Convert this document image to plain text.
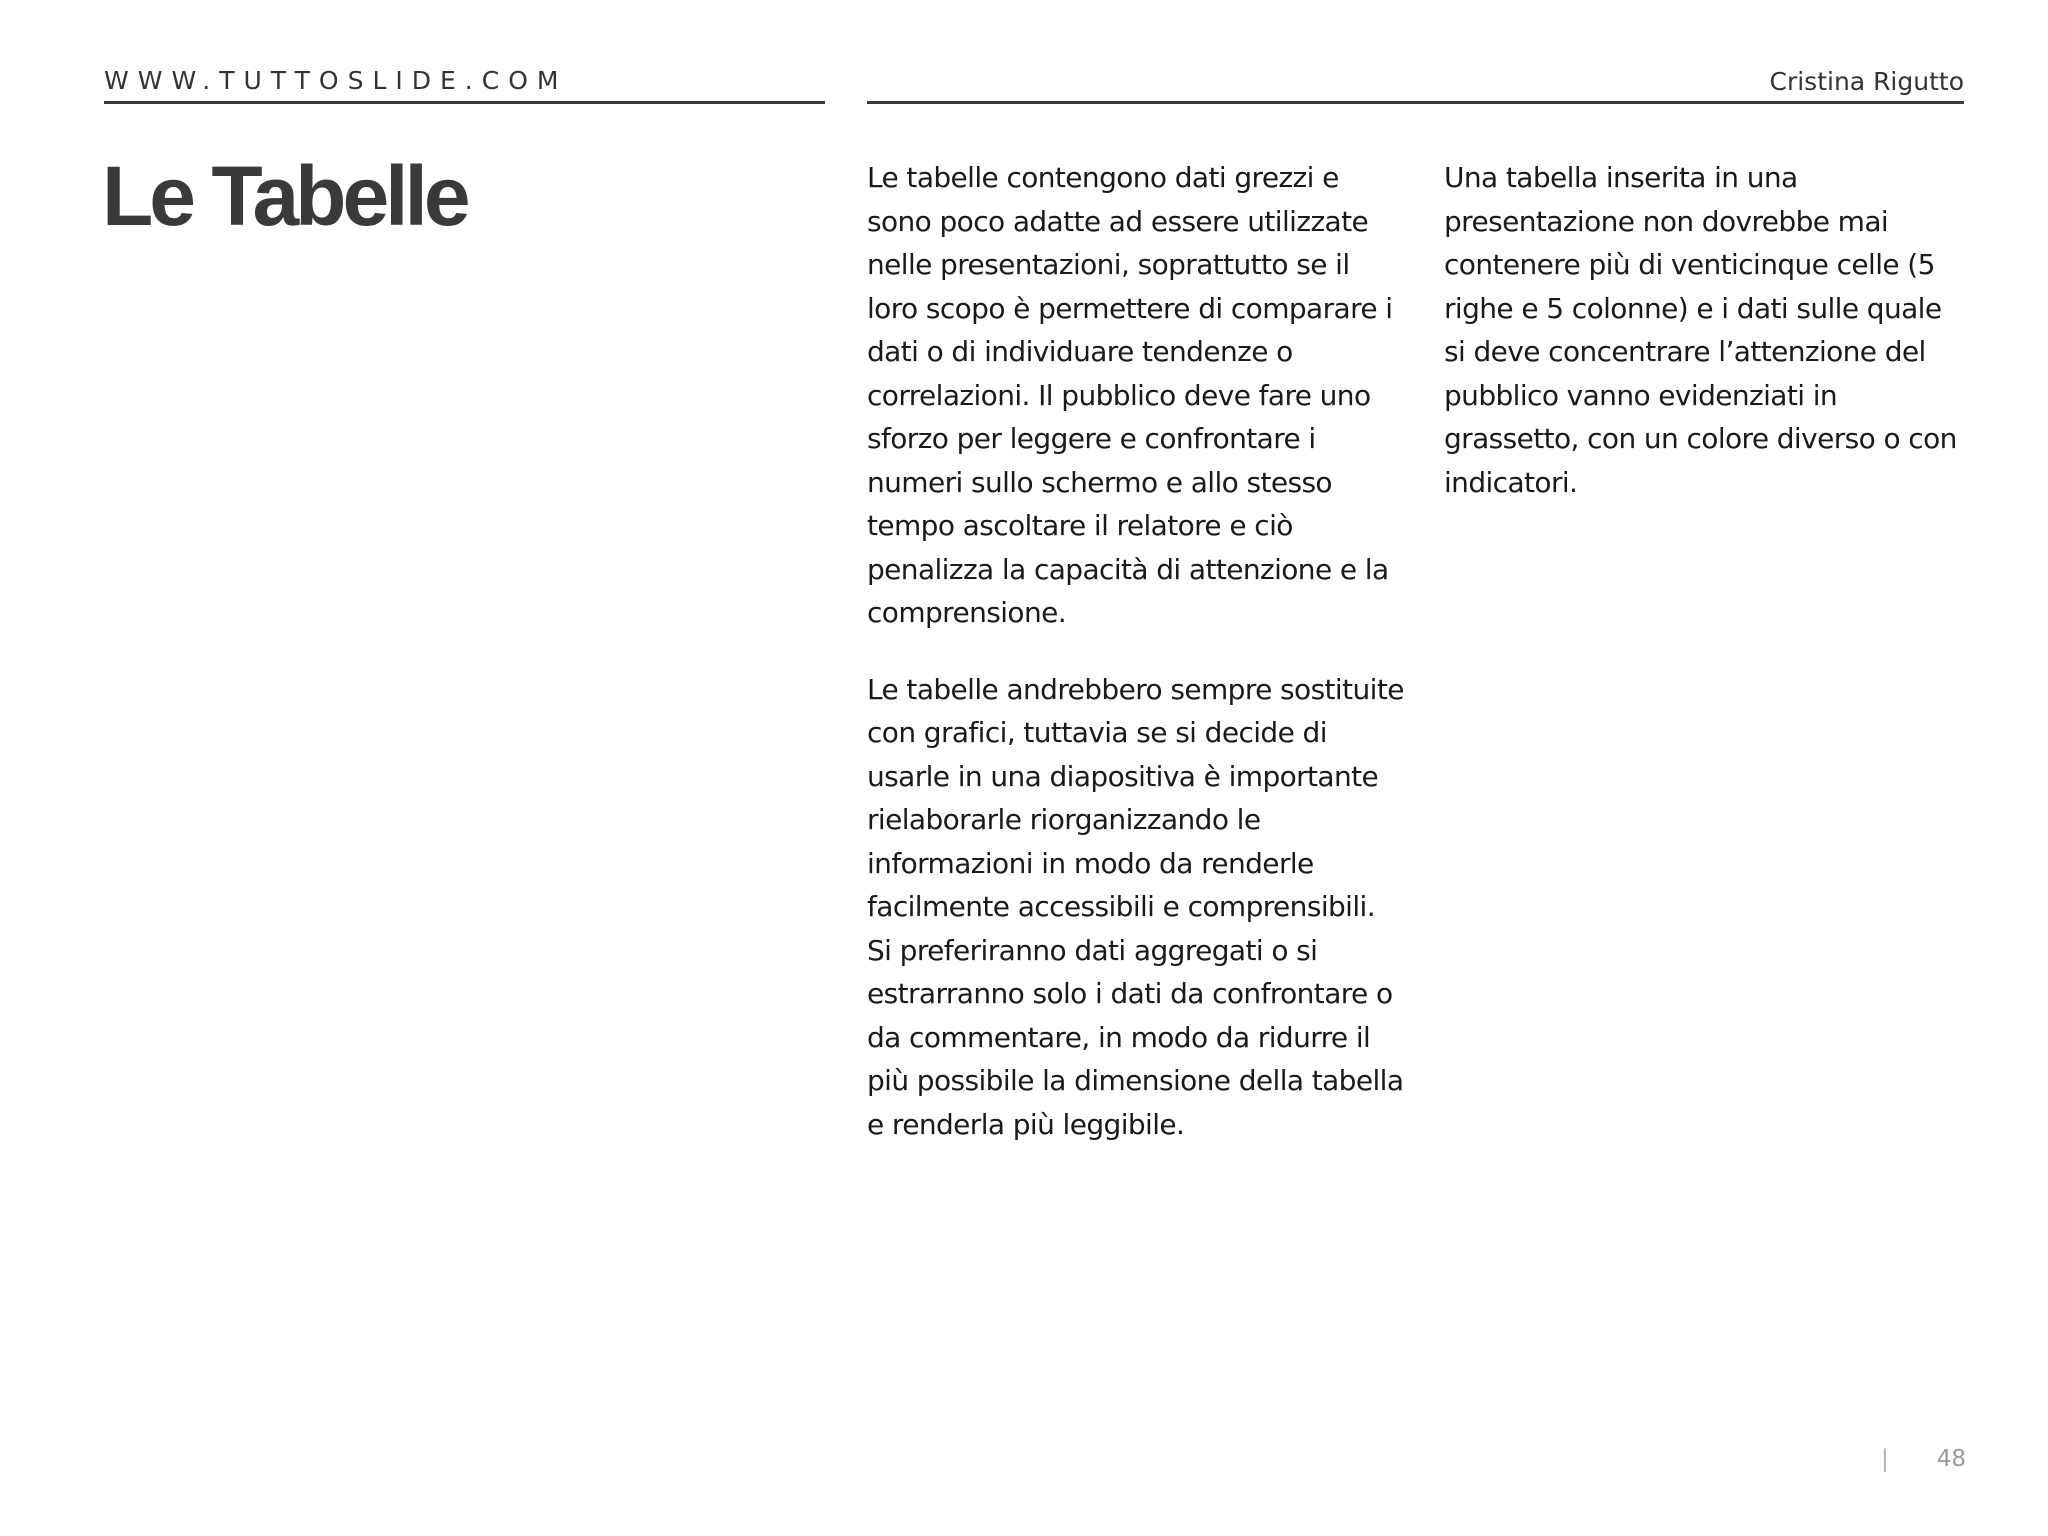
WWW.TUTTOSLIDE.COM	Cristina Rigutto
Le Tabelle	Le tabelle contengono dati grezzi e sono poco adatte ad essere utilizzate nelle presentazioni, soprattutto se il loro scopo è permettere di comparare i dati o di individuare tendenze o correlazioni. Il pubblico deve fare uno sforzo per leggere e confrontare i numeri sullo schermo e allo stesso tempo ascoltare il relatore e ciò penalizza la capacità di attenzione e la comprensione.

Le tabelle andrebbero sempre sostituite con grafici, tuttavia se si decide di usarle in una diapositiva è importante rielaborarle riorganizzando le informazioni in modo da renderle facilmente accessibili e comprensibili. Si preferiranno dati aggregati o si estrarranno solo i dati da confrontare o da commentare, in modo da ridurre il più possibile la dimensione della tabella e renderla più leggibile.

Una tabella inserita in una presentazione non dovrebbe mai contenere più di venticinque celle (5 righe e 5 colonne) e i dati sulle quale si deve concentrare l’attenzione del pubblico vanno evidenziati in grassetto, con un colore diverso o con indicatori.

| 48
